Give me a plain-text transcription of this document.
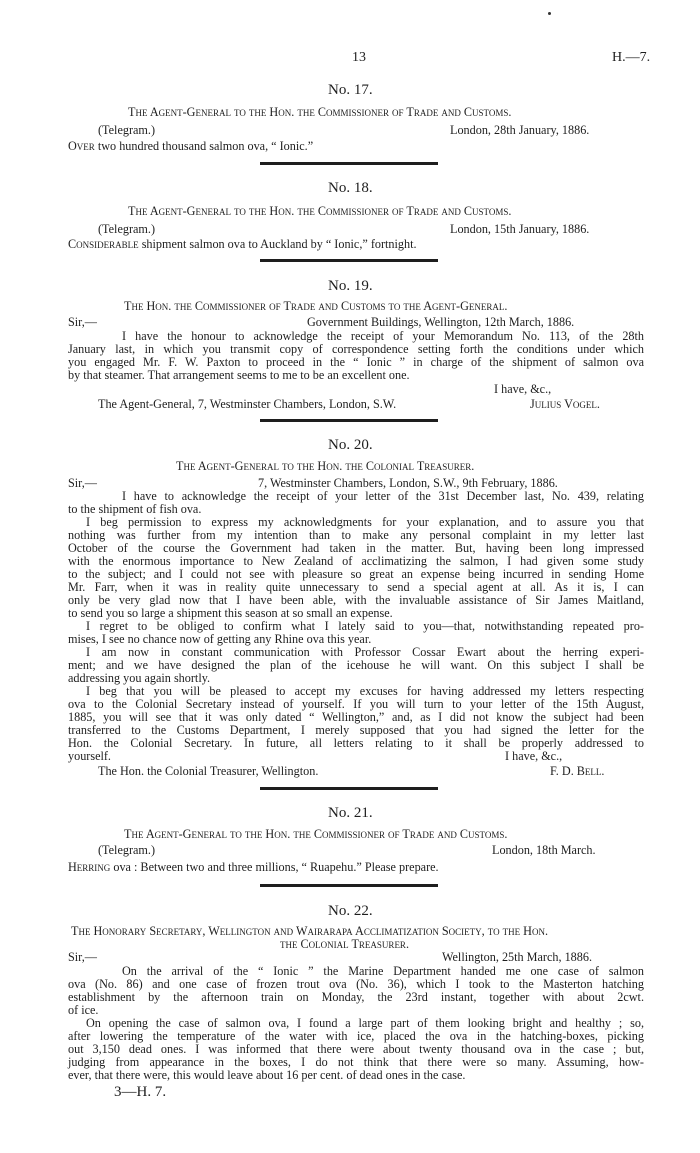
13	H.—7.
No. 17.
The Agent-General to the Hon. the Commissioner of Trade and Customs.
(Telegram.)	London, 28th January, 1886.
Over two hundred thousand salmon ova, “ Ionic.”
No. 18.
The Agent-General to the Hon. the Commissioner of Trade and Customs.
(Telegram.)	London, 15th January, 1886.
Considerable shipment salmon ova to Auckland by “ Ionic,” fortnight.
No. 19.
The Hon. the Commissioner of Trade and Customs to the Agent-General.
Sir,—	Government Buildings, Wellington, 12th March, 1886.
I have the honour to acknowledge the receipt of your Memorandum No. 113, of the 28th
January last, in which you transmit copy of correspondence setting forth the conditions under which
you engaged Mr. F. W. Paxton to proceed in the “ Ionic ” in charge of the shipment of salmon ova
by that steamer. That arrangement seems to me to be an excellent one.
I have, &c.,
The Agent-General, 7, Westminster Chambers, London, S.W.	Julius Vogel.
No. 20.
The Agent-General to the Hon. the Colonial Treasurer.
Sir,—	7, Westminster Chambers, London, S.W., 9th February, 1886.
I have to acknowledge the receipt of your letter of the 31st December last, No. 439, relating
to the shipment of fish ova.
I beg permission to express my acknowledgments for your explanation, and to assure you that
nothing was further from my intention than to make any personal complaint in my letter last
October of the course the Government had taken in the matter. But, having been long impressed
with the enormous importance to New Zealand of acclimatizing the salmon, I had given some study
to the subject; and I could not see with pleasure so great an expense being incurred in sending Home
Mr. Farr, when it was in reality quite unnecessary to send a special agent at all. As it is, I can
only be very glad now that I have been able, with the invaluable assistance of Sir James Maitland,
to send you so large a shipment this season at so small an expense.
I regret to be obliged to confirm what I lately said to you—that, notwithstanding repeated pro-
mises, I see no chance now of getting any Rhine ova this year.
I am now in constant communication with Professor Cossar Ewart about the herring experi-
ment; and we have designed the plan of the icehouse he will want. On this subject I shall be
addressing you again shortly.
I beg that you will be pleased to accept my excuses for having addressed my letters respecting
ova to the Colonial Secretary instead of yourself. If you will turn to your letter of the 15th August,
1885, you will see that it was only dated “ Wellington,” and, as I did not know the subject had been
transferred to the Customs Department, I merely supposed that you had signed the letter for the
Hon. the Colonial Secretary. In future, all letters relating to it shall be properly addressed to
yourself.	I have, &c.,
The Hon. the Colonial Treasurer, Wellington.	F. D. Bell.
No. 21.
The Agent-General to the Hon. the Commissioner of Trade and Customs.
(Telegram.)	London, 18th March.
Herring ova : Between two and three millions, “ Ruapehu.” Please prepare.
No. 22.
The Honorary Secretary, Wellington and Wairarapa Acclimatization Society, to the Hon.
the Colonial Treasurer.
Sir,—	Wellington, 25th March, 1886.
On the arrival of the “ Ionic ” the Marine Department handed me one case of salmon
ova (No. 86) and one case of frozen trout ova (No. 36), which I took to the Masterton hatching
establishment by the afternoon train on Monday, the 23rd instant, together with about 2cwt.
of ice.
On opening the case of salmon ova, I found a large part of them looking bright and healthy ; so,
after lowering the temperature of the water with ice, placed the ova in the hatching-boxes, picking
out 3,150 dead ones. I was informed that there were about twenty thousand ova in the case ; but,
judging from appearance in the boxes, I do not think that there were so many. Assuming, how-
ever, that there were, this would leave about 16 per cent. of dead ones in the case.
3—H. 7.
